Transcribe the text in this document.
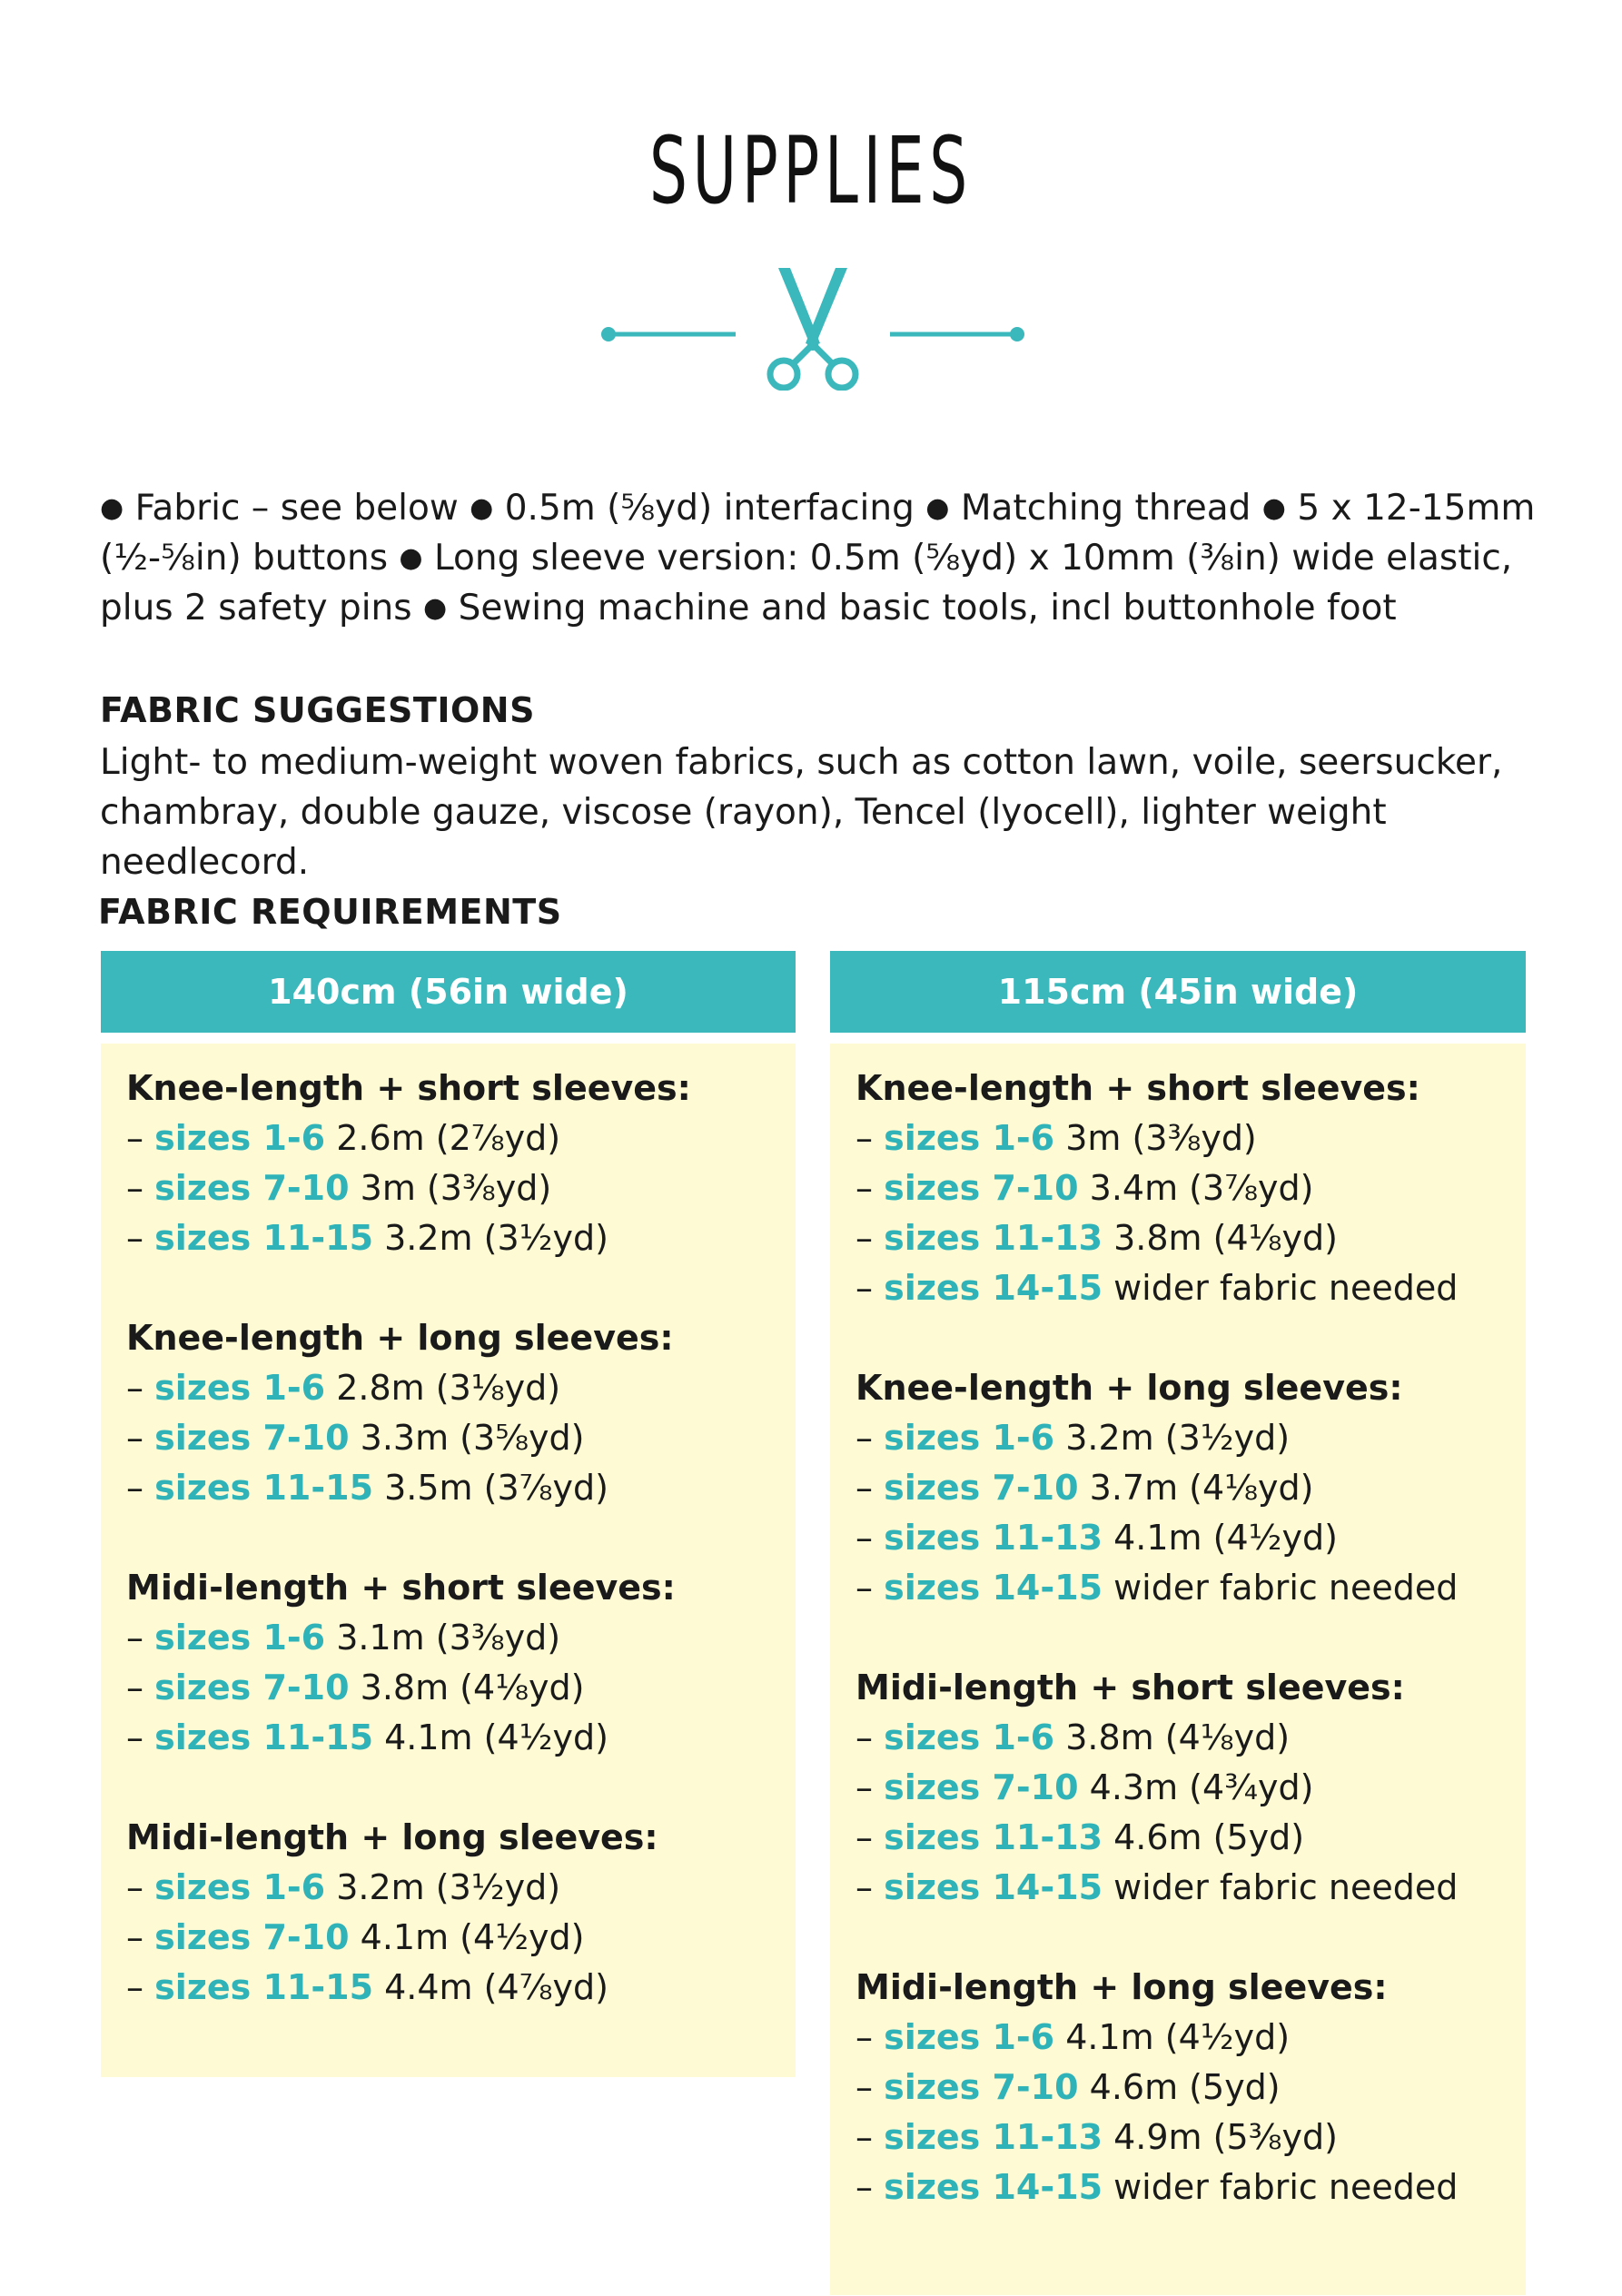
SUPPLIES

● Fabric – see below ● 0.5m (⅝yd) interfacing ● Matching thread ● 5 x 12-15mm (½-⅝in) buttons ● Long sleeve version: 0.5m (⅝yd) x 10mm (⅜in) wide elastic, plus 2 safety pins ● Sewing machine and basic tools, incl buttonhole foot

FABRIC SUGGESTIONS

Light- to medium-weight woven fabrics, such as cotton lawn, voile, seersucker, chambray, double gauze, viscose (rayon), Tencel (lyocell), lighter weight needlecord.

FABRIC REQUIREMENTS
140cm (56in wide)

Knee-length + short sleeves:

– sizes 1-6 2.6m (2⅞yd)

– sizes 7-10 3m (3⅜yd)

– sizes 11-15 3.2m (3½yd)

Knee-length + long sleeves:

– sizes 1-6 2.8m (3⅛yd)

– sizes 7-10 3.3m (3⅝yd)

– sizes 11-15 3.5m (3⅞yd)

Midi-length + short sleeves:

– sizes 1-6 3.1m (3⅜yd)

– sizes 7-10 3.8m (4⅛yd)

– sizes 11-15 4.1m (4½yd)

Midi-length + long sleeves:

– sizes 1-6 3.2m (3½yd)

– sizes 7-10 4.1m (4½yd)

– sizes 11-15 4.4m (4⅞yd)

115cm (45in wide)

Knee-length + short sleeves:

– sizes 1-6 3m (3⅜yd)

– sizes 7-10 3.4m (3⅞yd)

– sizes 11-13 3.8m (4⅛yd)

– sizes 14-15 wider fabric needed

Knee-length + long sleeves:

– sizes 1-6 3.2m (3½yd)

– sizes 7-10 3.7m (4⅛yd)

– sizes 11-13 4.1m (4½yd)

– sizes 14-15 wider fabric needed

Midi-length + short sleeves:

– sizes 1-6 3.8m (4⅛yd)

– sizes 7-10 4.3m (4¾yd)

– sizes 11-13 4.6m (5yd)

– sizes 14-15 wider fabric needed

Midi-length + long sleeves:

– sizes 1-6 4.1m (4½yd)

– sizes 7-10 4.6m (5yd)

– sizes 11-13 4.9m (5⅜yd)

– sizes 14-15 wider fabric needed
